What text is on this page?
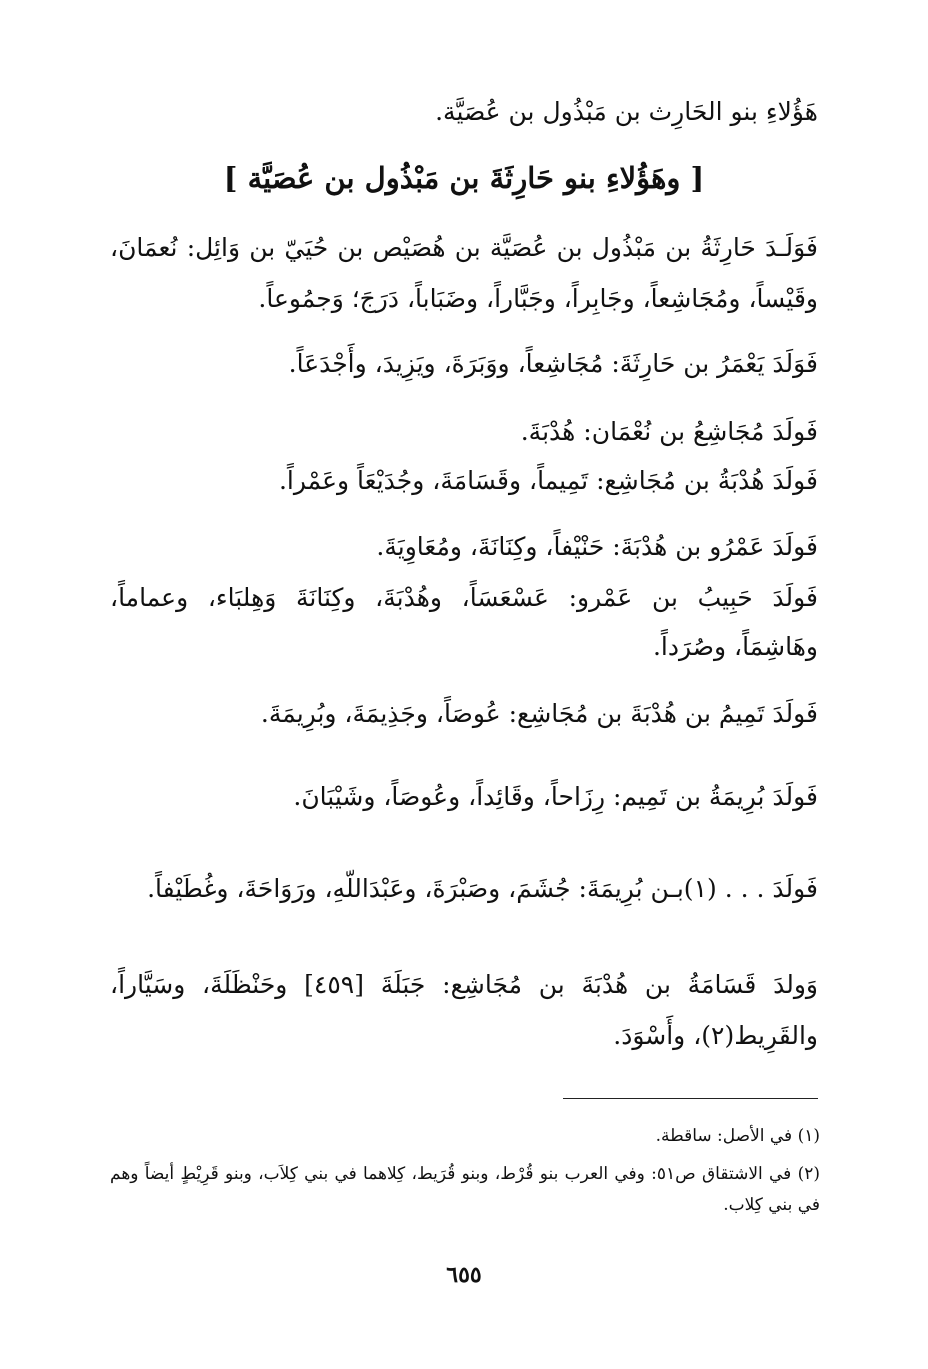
هَؤُلاءِ بنو الحَارِث بن مَبْذُول بن عُصَيَّة.
[ وهَؤُلاءِ بنو حَارِثَةَ بن مَبْذُول بن عُصَيَّة ]
فَوَلَـدَ حَارِثَةُ بن مَبْذُول بن عُصَيَّة بن هُصَيْص بن حُيَيّ بن وَائِل: نُعمَانَ،
وقَيْساً، ومُجَاشِعاً، وجَابِراً، وجَبَّاراً، وضَبَاباً، دَرَجَ؛ وَجمُوعاً.
فَوَلَدَ يَعْمَرُ بن حَارِثَةَ: مُجَاشِعاً، ووَبَرَةَ، ويَزِيدَ، وأَجْدَعَاً.
فَولَدَ مُجَاشِعُ بن نُعْمَان: هُدْبَةَ.
فَولَدَ هُدْبَةُ بن مُجَاشِع: تَمِيماً، وقَسَامَةَ، وجُدَيْعَاً وعَمْراً.
فَولَدَ عَمْرُو بن هُدْبَةَ: حَنْيْفاً، وكِنَانَةَ، ومُعَاوِيَةَ.
فَولَدَ حَبِيبُ بن عَمْرو: عَسْعَسَاً، وهُدْبَةَ، وكِنَانَةَ وَهِلبَاء، وعماماً،
وهَاشِمَاً، وصُرَداً.
فَولَدَ تَمِيمُ بن هُدْبَةَ بن مُجَاشِع: عُوصَاً، وجَذِيمَةَ، وبُرِيمَةَ.
فَولَدَ بُرِيمَةُ بن تَمِيم: رِزَاحاً، وقَائِداً، وعُوصَاً، وشَيْبَانَ.
فَولَدَ . . . (١)بـن بُرِيمَةَ: جُشَمَ، وصَبْرَةَ، وعَبْدَاللّهِ، ورَوَاحَةَ، وغُطَيْفاً.
وَولدَ قَسَامَةُ بن هُدْبَةَ بن مُجَاشِع: جَبَلَةَ [٤٥٩] وحَنْظَلَةَ، وسَيَّاراً،
والقَرِيط(٢)، وأَسْوَدَ.
(١) في الأصل: ساقطة.
(٢) في الاشتقاق ص٥١: وفي العرب بنو قُرْط، وبنو قُرَيط، كِلاهما في بني كِلاَب، وبنو قَرِيْطٍ أيضاً وهم
في بني كِلاب.
٦٥٥
